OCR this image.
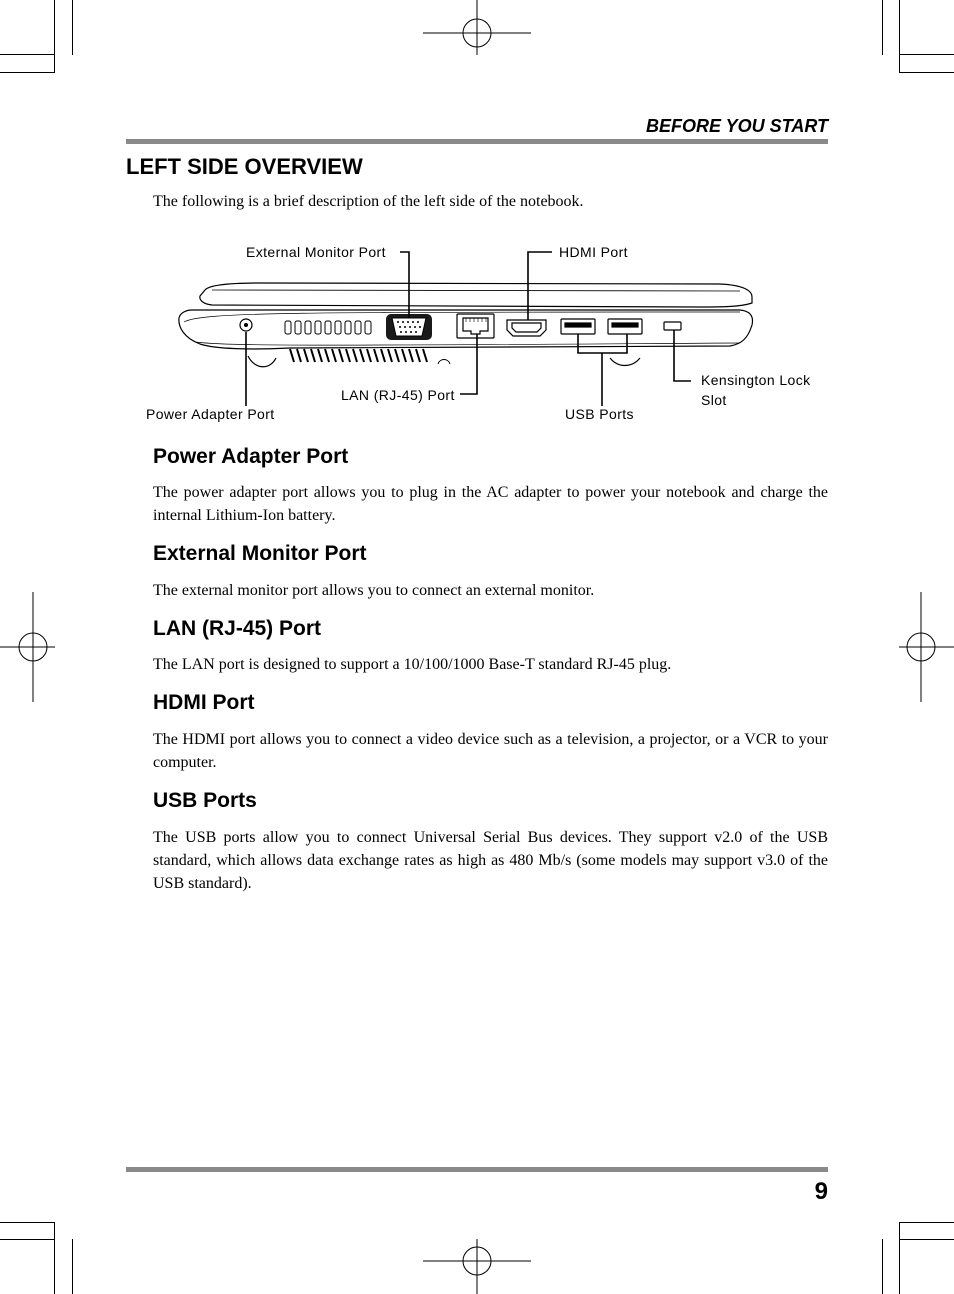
BEFORE YOU START
LEFT SIDE OVERVIEW
The following is a brief description of the left side of the notebook.
External Monitor Port	HDMI Port
Kensington Lock
Slot
LAN (RJ-45) Port
USB Ports
Power Adapter Port
Power Adapter Port
The power adapter port allows you to plug in the AC adapter to power your notebook and charge the internal Lithium-Ion battery.
External Monitor Port
The external monitor port allows you to connect an external monitor.
LAN (RJ-45) Port
The LAN port is designed to support a 10/100/1000 Base-T standard RJ-45 plug.
HDMI Port
The HDMI port allows you to connect a video device such as a television, a projector, or a VCR to your computer.
USB Ports
The USB ports allow you to connect Universal Serial Bus devices. They support v2.0 of the USB standard, which allows data exchange rates as high as 480 Mb/s (some models may support v3.0 of the USB standard).
9
